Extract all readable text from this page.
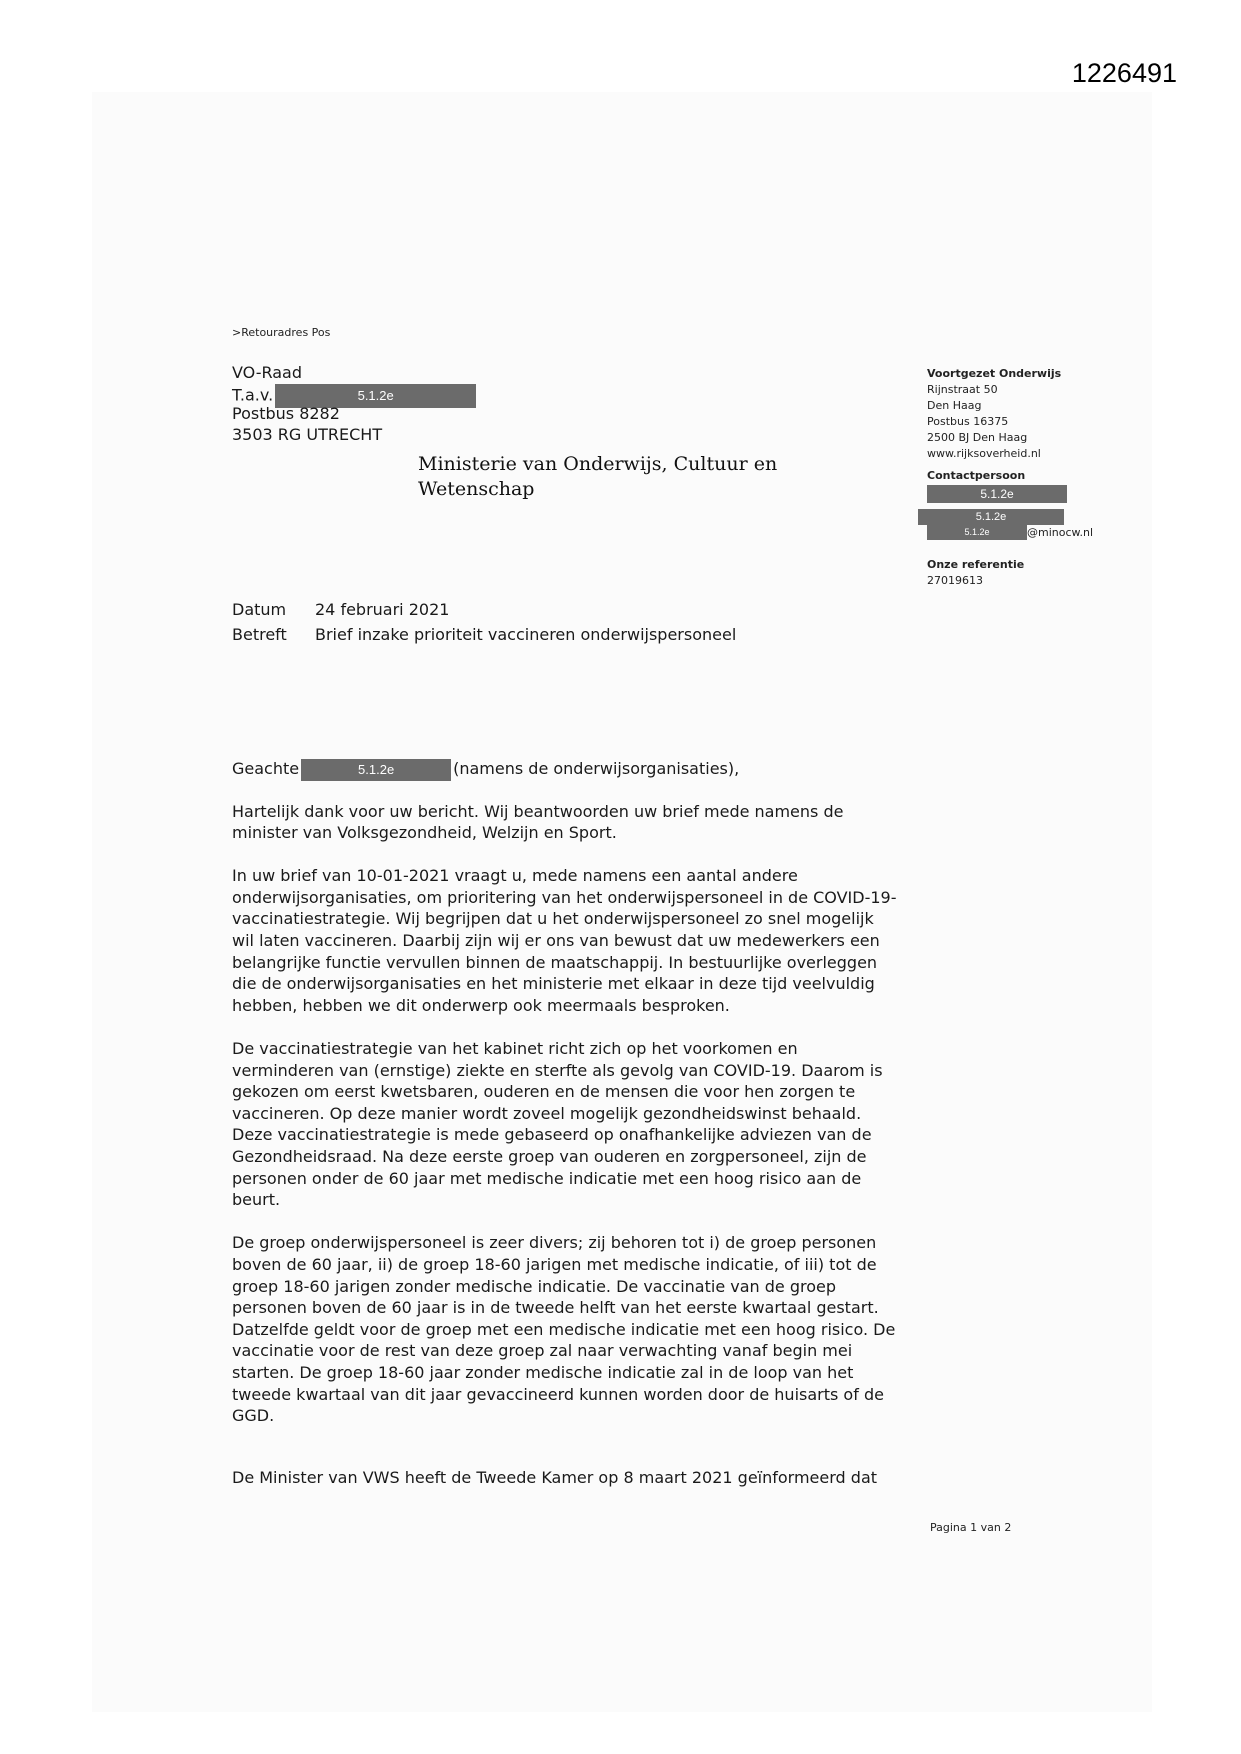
1226491
>Retouradres Pos
VO-Raad
T.a.v.	5.1.2e
Postbus 8282
3503 RG UTRECHT
Ministerie van Onderwijs, Cultuur en
Wetenschap
Voortgezet Onderwijs
Rijnstraat 50
Den Haag
Postbus 16375
2500 BJ Den Haag
www.rijksoverheid.nl
Contactpersoon
5.1.2e
5.1.2e
5.1.2e	@minocw.nl
Onze referentie
27019613
Datum 24 februari 2021
Betreft Brief inzake prioriteit vaccineren onderwijspersoneel
Geachte	5.1.2e	(namens de onderwijsorganisaties),
Hartelijk dank voor uw bericht. Wij beantwoorden uw brief mede namens de
minister van Volksgezondheid, Welzijn en Sport.
In uw brief van 10-01-2021 vraagt u, mede namens een aantal andere
onderwijsorganisaties, om prioritering van het onderwijspersoneel in de COVID-19-
vaccinatiestrategie. Wij begrijpen dat u het onderwijspersoneel zo snel mogelijk
wil laten vaccineren. Daarbij zijn wij er ons van bewust dat uw medewerkers een
belangrijke functie vervullen binnen de maatschappij. In bestuurlijke overleggen
die de onderwijsorganisaties en het ministerie met elkaar in deze tijd veelvuldig
hebben, hebben we dit onderwerp ook meermaals besproken.
De vaccinatiestrategie van het kabinet richt zich op het voorkomen en
verminderen van (ernstige) ziekte en sterfte als gevolg van COVID-19. Daarom is
gekozen om eerst kwetsbaren, ouderen en de mensen die voor hen zorgen te
vaccineren. Op deze manier wordt zoveel mogelijk gezondheidswinst behaald.
Deze vaccinatiestrategie is mede gebaseerd op onafhankelijke adviezen van de
Gezondheidsraad. Na deze eerste groep van ouderen en zorgpersoneel, zijn de
personen onder de 60 jaar met medische indicatie met een hoog risico aan de
beurt.
De groep onderwijspersoneel is zeer divers; zij behoren tot i) de groep personen
boven de 60 jaar, ii) de groep 18-60 jarigen met medische indicatie, of iii) tot de
groep 18-60 jarigen zonder medische indicatie. De vaccinatie van de groep
personen boven de 60 jaar is in de tweede helft van het eerste kwartaal gestart.
Datzelfde geldt voor de groep met een medische indicatie met een hoog risico. De
vaccinatie voor de rest van deze groep zal naar verwachting vanaf begin mei
starten. De groep 18-60 jaar zonder medische indicatie zal in de loop van het
tweede kwartaal van dit jaar gevaccineerd kunnen worden door de huisarts of de
GGD.
De Minister van VWS heeft de Tweede Kamer op 8 maart 2021 geïnformeerd dat
Pagina 1 van 2
